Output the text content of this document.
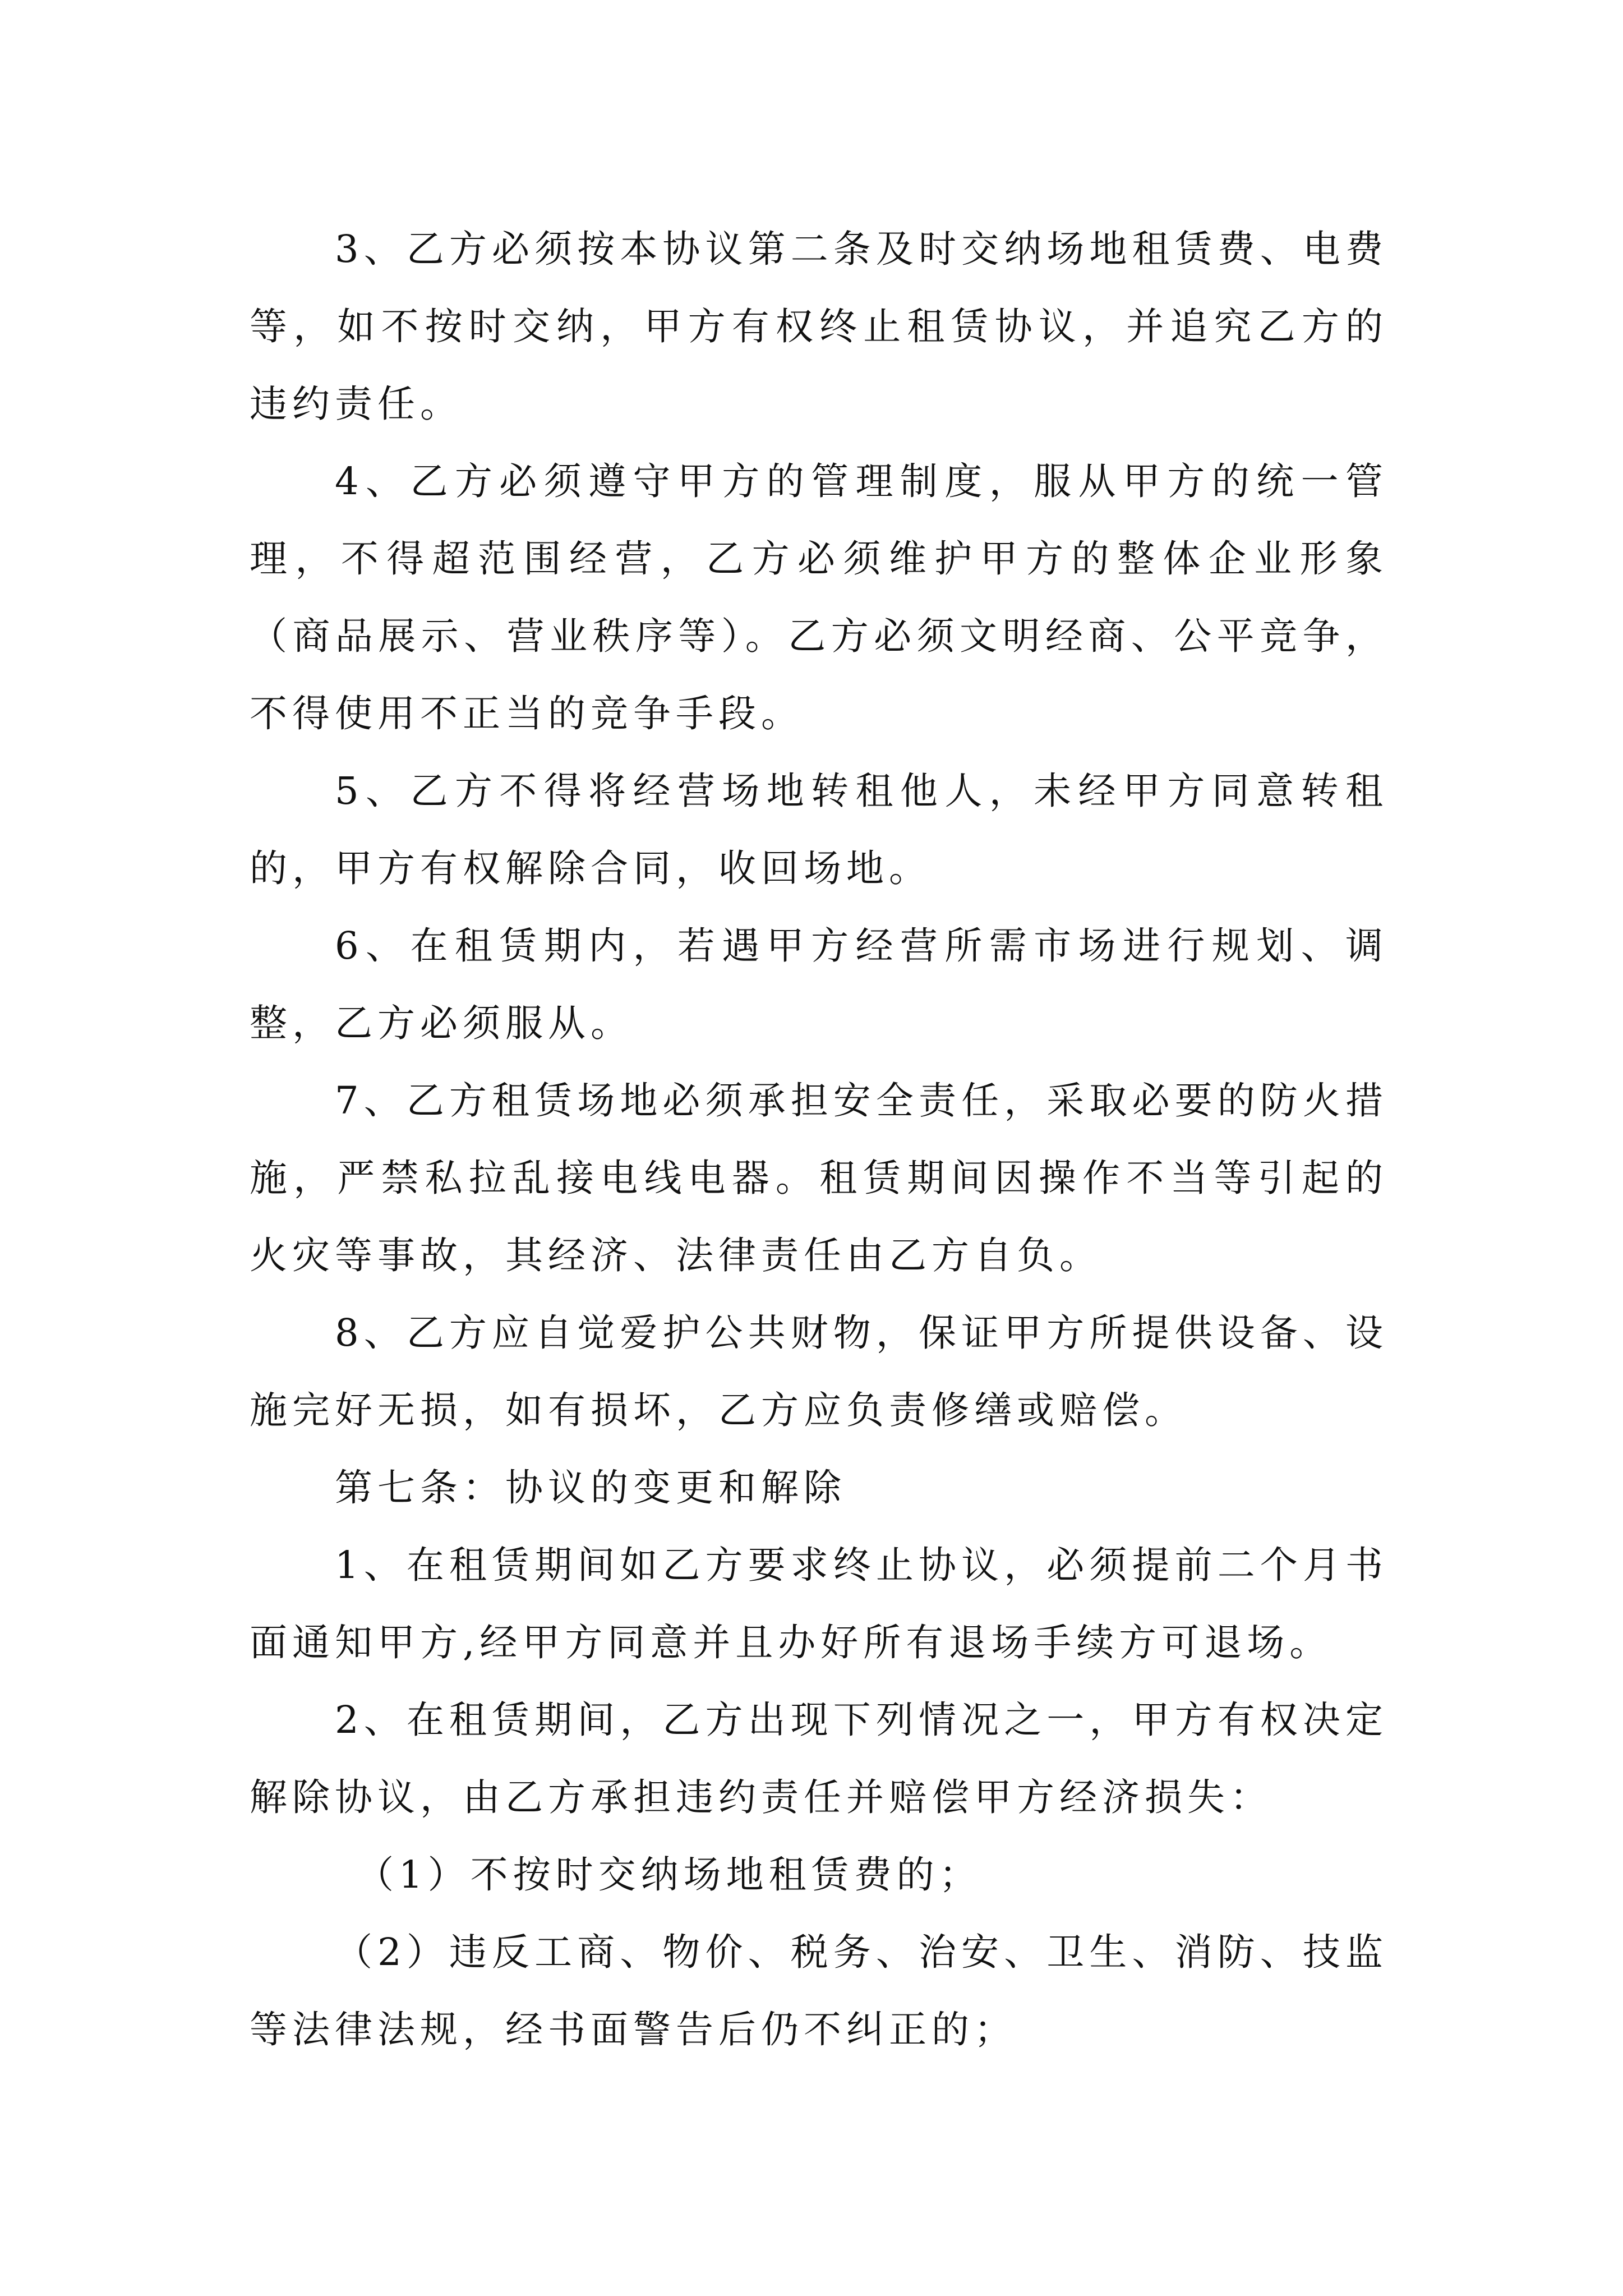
3、乙方必须按本协议第二条及时交纳场地租赁费、电费等，如不按时交纳，甲方有权终止租赁协议，并追究乙方的违约责任。

4、乙方必须遵守甲方的管理制度，服从甲方的统一管理，不得超范围经营，乙方必须维护甲方的整体企业形象（商品展示、营业秩序等）。乙方必须文明经商、公平竞争，不得使用不正当的竞争手段。

5、乙方不得将经营场地转租他人，未经甲方同意转租的，甲方有权解除合同，收回场地。

6、在租赁期内，若遇甲方经营所需市场进行规划、调整，乙方必须服从。

7、乙方租赁场地必须承担安全责任，采取必要的防火措施，严禁私拉乱接电线电器。租赁期间因操作不当等引起的火灾等事故，其经济、法律责任由乙方自负。

8、乙方应自觉爱护公共财物，保证甲方所提供设备、设施完好无损，如有损坏，乙方应负责修缮或赔偿。

第七条：协议的变更和解除

1、在租赁期间如乙方要求终止协议，必须提前二个月书面通知甲方,经甲方同意并且办好所有退场手续方可退场。

2、在租赁期间，乙方出现下列情况之一，甲方有权决定解除协议，由乙方承担违约责任并赔偿甲方经济损失：

（1）不按时交纳场地租赁费的；

（2）违反工商、物价、税务、治安、卫生、消防、技监等法律法规，经书面警告后仍不纠正的；
